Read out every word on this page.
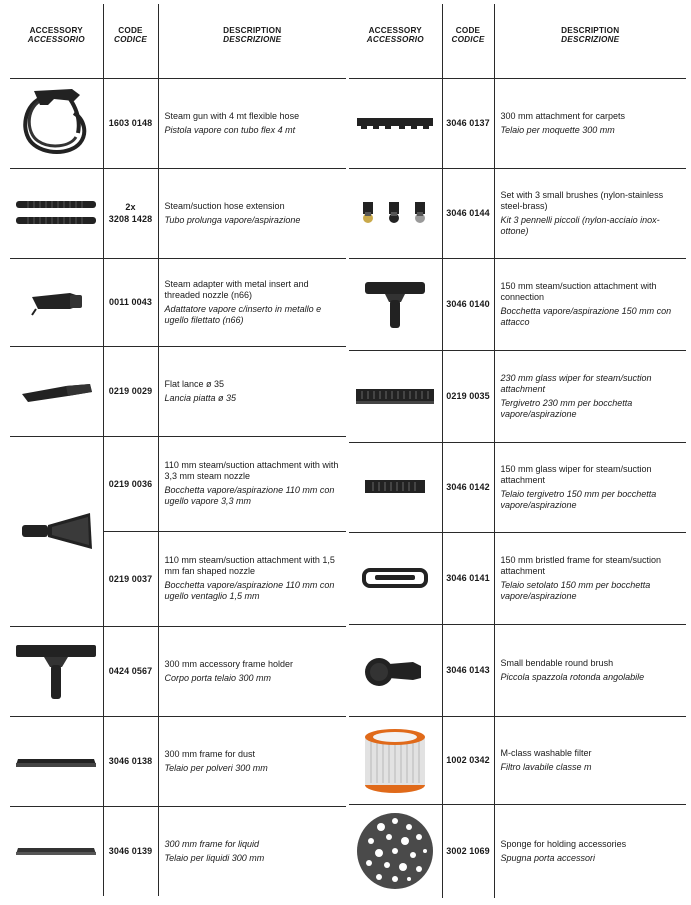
ACCESSORY
ACCESSORIO	CODE
CODICE	DESCRIPTION
DESCRIZIONE

	1603 0148	Steam gun with 4 mt flexible hose
Pistola vapore con tubo flex 4 mt

	2x
3208 1428	Steam/suction hose extension
Tubo prolunga vapore/aspirazione

	0011 0043	Steam adapter with metal insert and threaded nozzle (n66)
Adattatore vapore c/inserto in metallo e ugello filettato (n66)

	0219 0029	Flat lance ø 35
Lancia piatta ø 35

	0219 0036	110 mm steam/suction attachment with with 3,3 mm steam nozzle
Bocchetta vapore/aspirazione 110 mm con ugello vapore 3,3 mm

	0219 0037	110 mm steam/suction attachment with 1,5 mm fan shaped nozzle
Bocchetta vapore/aspirazione 110 mm con ugello ventaglio 1,5 mm

	0424 0567	300 mm accessory frame holder
Corpo porta telaio 300 mm

	3046 0138	300 mm frame for dust
Telaio per polveri 300 mm

	3046 0139	300 mm frame for liquid
Telaio per liquidi 300 mm
ACCESSORY
ACCESSORIO	CODE
CODICE	DESCRIPTION
DESCRIZIONE

	3046 0137	300 mm attachment for carpets
Telaio per moquette 300 mm

	3046 0144	Set with 3 small brushes (nylon-stainless steel-brass)
Kit 3 pennelli piccoli (nylon-acciaio inox-ottone)

	3046 0140	150 mm steam/suction attachment with connection
Bocchetta vapore/aspirazione 150 mm con attacco

	0219 0035	230 mm glass wiper for steam/suction attachment
Tergivetro 230 mm per bocchetta vapore/aspirazione

	3046 0142	150 mm glass wiper for steam/suction attachment
Telaio tergivetro 150 mm per bocchetta vapore/aspirazione

	3046 0141	150 mm bristled frame for steam/suction attachment
Telaio setolato 150 mm per bocchetta vapore/aspirazione

	3046 0143	Small bendable round brush
Piccola spazzola rotonda angolabile

	1002 0342	M-class washable filter
Filtro lavabile classe m

	3002 1069	Sponge for holding accessories
Spugna porta accessori
